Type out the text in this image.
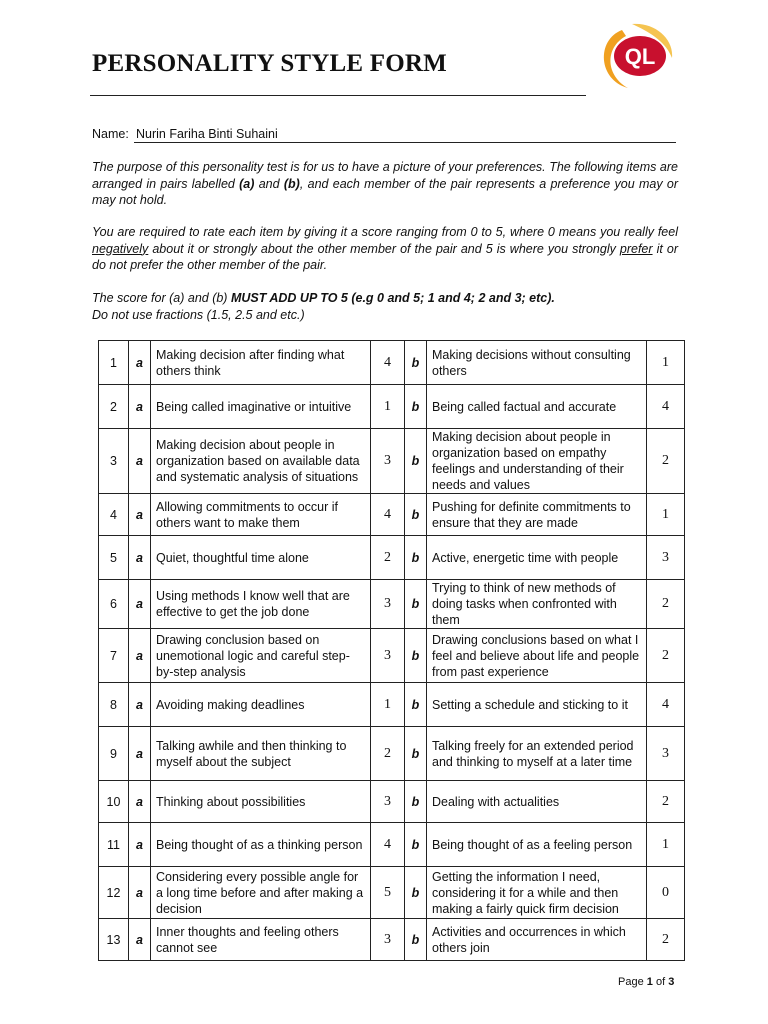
PERSONALITY STYLE FORM	QL
Name: Nurin Fariha Binti Suhaini
The purpose of this personality test is for us to have a picture of your preferences. The following items are arranged in pairs labelled (a) and (b), and each member of the pair represents a preference you may or may not hold.
You are required to rate each item by giving it a score ranging from 0 to 5, where 0 means you really feel negatively about it or strongly about the other member of the pair and 5 is where you strongly prefer it or do not prefer the other member of the pair.
The score for (a) and (b) MUST ADD UP TO 5 (e.g 0 and 5; 1 and 4; 2 and 3; etc).
Do not use fractions (1.5, 2.5 and etc.)
1	a	Making decision after finding what others think	4	b	Making decisions without consulting others	1
2	a	Being called imaginative or intuitive	1	b	Being called factual and accurate	4
3	a	Making decision about people in organization based on available data and systematic analysis of situations	3	b	Making decision about people in organization based on empathy feelings and understanding of their needs and values	2
4	a	Allowing commitments to occur if others want to make them	4	b	Pushing for definite commitments to ensure that they are made	1
5	a	Quiet, thoughtful time alone	2	b	Active, energetic time with people	3
6	a	Using methods I know well that are effective to get the job done	3	b	Trying to think of new methods of doing tasks when confronted with them	2
7	a	Drawing conclusion based on unemotional logic and careful step-by-step analysis	3	b	Drawing conclusions based on what I feel and believe about life and people from past experience	2
8	a	Avoiding making deadlines	1	b	Setting a schedule and sticking to it	4
9	a	Talking awhile and then thinking to myself about the subject	2	b	Talking freely for an extended period and thinking to myself at a later time	3
10	a	Thinking about possibilities	3	b	Dealing with actualities	2
11	a	Being thought of as a thinking person	4	b	Being thought of as a feeling person	1
12	a	Considering every possible angle for a long time before and after making a decision	5	b	Getting the information I need, considering it for a while and then making a fairly quick firm decision	0
13	a	Inner thoughts and feeling others cannot see	3	b	Activities and occurrences in which others join	2
Page 1 of 3
